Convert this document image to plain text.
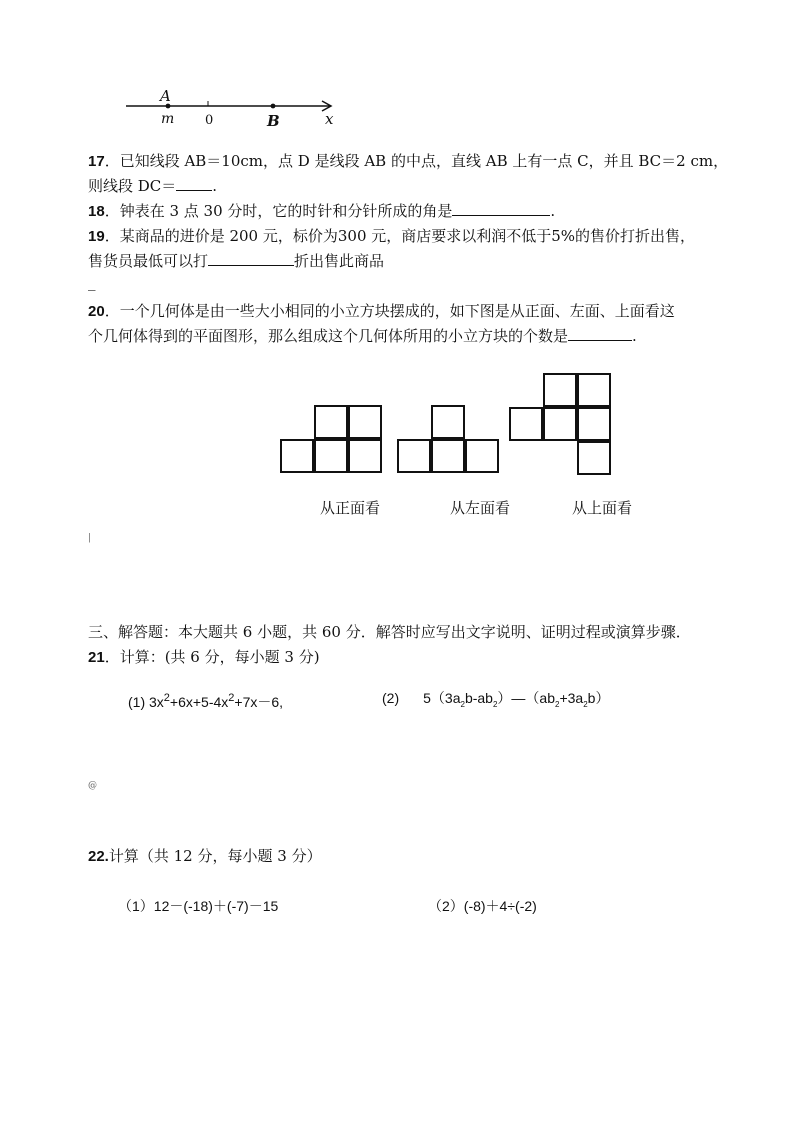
A
m 0	B	x
17．已知线段 AB＝10cm，点 D 是线段 AB 的中点，直线 AB 上有一点 C，并且 BC＝2 cm，
则线段 DC＝ .
18．钟表在 3 点 30 分时，它的时针和分针所成的角是	.
19．某商品的进价是 200 元，标价为300 元，商店要求以利润不低于5%的售价打折出售，
售货员最低可以打	折出售此商品
_
20．一个几何体是由一些大小相同的小立方块摆成的，如下图是从正面、左面、上面看这
个几何体得到的平面图形，那么组成这个几何体所用的小立方块的个数是	.
从正面看	从左面看	从上面看
|
三、解答题：本大题共 6 小题，共 60 分．解答时应写出文字说明、证明过程或演算步骤．
21．计算：(共 6 分，每小题 3 分)
(1) $3x^2+6x+5-4x^2+7x-6$,	(2) $5(3a_2b-ab_2)—(ab_2+3a_2b)$
@
22.计算（共 12 分，每小题 3 分）
（1）12－(-18)＋(-7)－15	（2）(-8)＋4÷(-2)
